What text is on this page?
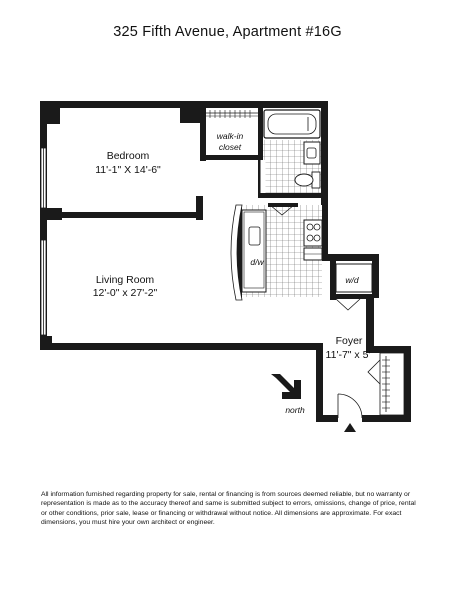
325 Fifth Avenue, Apartment #16G
walk-in
closet
d/w
w/d
north
Bedroom
11'-1" X 14'-6"
Living Room
12'-0" x 27'-2"
Foyer
11'-7" x 5'
All information furnished regarding property for sale, rental or financing is from sources deemed reliable, but no warranty or representation is made as to the accuracy thereof and same is submitted subject to errors, omissions, change of price, rental or other conditions, prior sale, lease or financing or withdrawal without notice. All dimensions are approximate. For exact dimensions, you must hire your own architect or engineer.
